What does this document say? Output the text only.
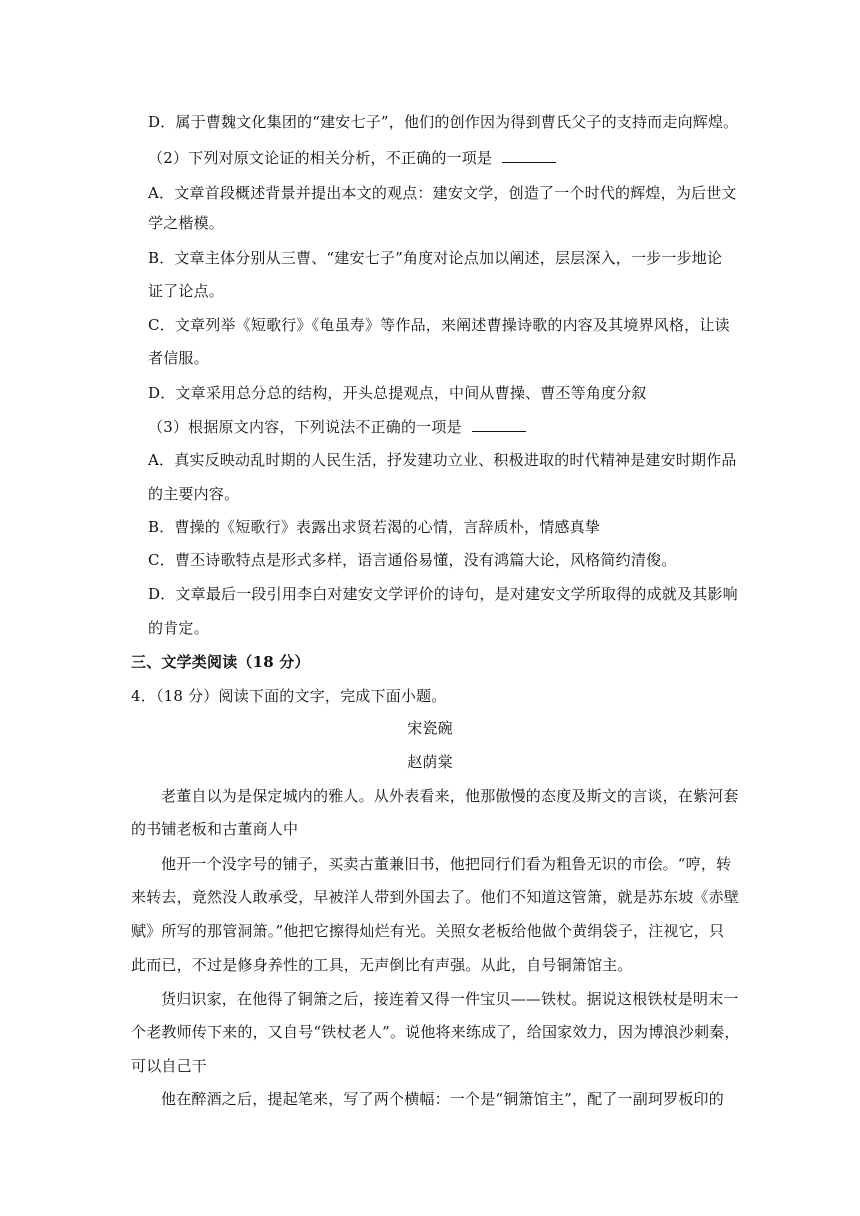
D．属于曹魏文化集团的“建安七子”，他们的创作因为得到曹氏父子的支持而走向辉煌。
（2）下列对原文论证的相关分析，不正确的一项是
A．文章首段概述背景并提出本文的观点：建安文学，创造了一个时代的辉煌，为后世文
学之楷模。
B．文章主体分别从三曹、“建安七子”角度对论点加以阐述，层层深入，一步一步地论
证了论点。
C．文章列举《短歌行》《龟虽寿》等作品，来阐述曹操诗歌的内容及其境界风格，让读
者信服。
D．文章采用总分总的结构，开头总提观点，中间从曹操、曹丕等角度分叙
（3）根据原文内容，下列说法不正确的一项是
A．真实反映动乱时期的人民生活，抒发建功立业、积极进取的时代精神是建安时期作品
的主要内容。
B．曹操的《短歌行》表露出求贤若渴的心情，言辞质朴，情感真挚
C．曹丕诗歌特点是形式多样，语言通俗易懂，没有鸿篇大论，风格简约清俊。
D．文章最后一段引用李白对建安文学评价的诗句，是对建安文学所取得的成就及其影响
的肯定。
三、文学类阅读（18 分）
4．（18 分）阅读下面的文字，完成下面小题。
宋瓷碗
赵荫棠
老董自以为是保定城内的雅人。从外表看来，他那傲慢的态度及斯文的言谈，在紫河套
的书铺老板和古董商人中
他开一个没字号的铺子，买卖古董兼旧书，他把同行们看为粗鲁无识的市侩。“哼，转
来转去，竟然没人敢承受，早被洋人带到外国去了。他们不知道这管箫，就是苏东坡《赤壁
赋》所写的那管洞箫。”他把它擦得灿烂有光。关照女老板给他做个黄绢袋子，注视它，只
此而已，不过是修身养性的工具，无声倒比有声强。从此，自号铜箫馆主。
货归识家，在他得了铜箫之后，接连着又得一件宝贝——铁杖。据说这根铁杖是明末一
个老教师传下来的，又自号“铁杖老人”。说他将来练成了，给国家效力，因为博浪沙刺秦，
可以自己干
他在醉酒之后，提起笔来，写了两个横幅：一个是“铜箫馆主”，配了一副珂罗板印的
